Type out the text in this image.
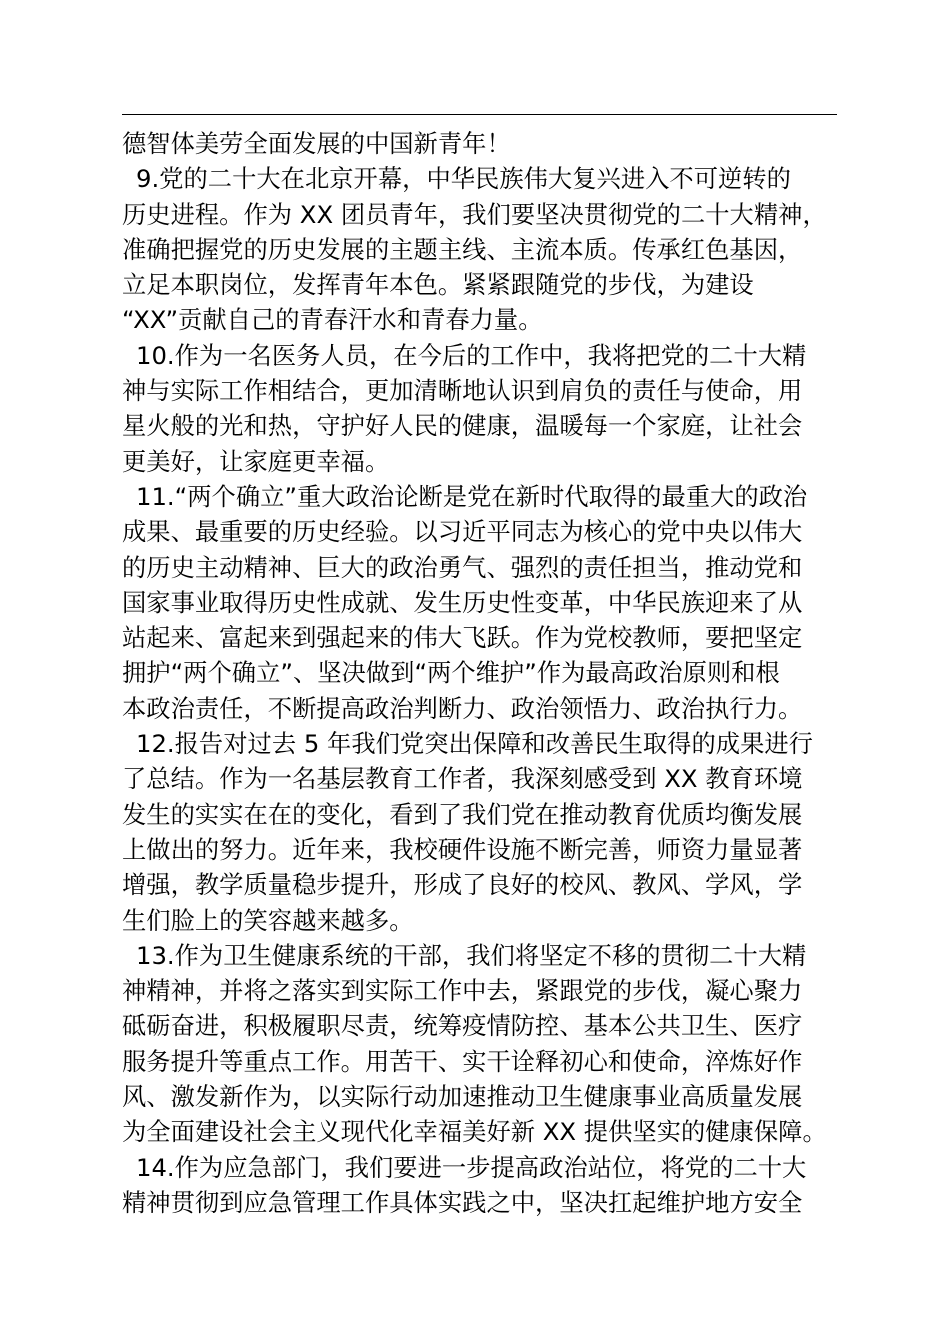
德智体美劳全面发展的中国新青年！
9.党的二十大在北京开幕，中华民族伟大复兴进入不可逆转的
历史进程。作为 XX 团员青年，我们要坚决贯彻党的二十大精神，
准确把握党的历史发展的主题主线、主流本质。传承红色基因，
立足本职岗位，发挥青年本色。紧紧跟随党的步伐，为建设
“XX”贡献自己的青春汗水和青春力量。
10.作为一名医务人员，在今后的工作中，我将把党的二十大精
神与实际工作相结合，更加清晰地认识到肩负的责任与使命，用
星火般的光和热，守护好人民的健康，温暖每一个家庭，让社会
更美好，让家庭更幸福。
11.“两个确立”重大政治论断是党在新时代取得的最重大的政治
成果、最重要的历史经验。以习近平同志为核心的党中央以伟大
的历史主动精神、巨大的政治勇气、强烈的责任担当，推动党和
国家事业取得历史性成就、发生历史性变革，中华民族迎来了从
站起来、富起来到强起来的伟大飞跃。作为党校教师，要把坚定
拥护“两个确立”、坚决做到“两个维护”作为最高政治原则和根
本政治责任，不断提高政治判断力、政治领悟力、政治执行力。
12.报告对过去 5 年我们党突出保障和改善民生取得的成果进行
了总结。作为一名基层教育工作者，我深刻感受到 XX 教育环境
发生的实实在在的变化，看到了我们党在推动教育优质均衡发展
上做出的努力。近年来，我校硬件设施不断完善，师资力量显著
增强，教学质量稳步提升，形成了良好的校风、教风、学风，学
生们脸上的笑容越来越多。
13.作为卫生健康系统的干部，我们将坚定不移的贯彻二十大精
神精神，并将之落实到实际工作中去，紧跟党的步伐，凝心聚力
砥砺奋进，积极履职尽责，统筹疫情防控、基本公共卫生、医疗
服务提升等重点工作。用苦干、实干诠释初心和使命，淬炼好作
风、激发新作为，以实际行动加速推动卫生健康事业高质量发展
为全面建设社会主义现代化幸福美好新 XX 提供坚实的健康保障。
14.作为应急部门，我们要进一步提高政治站位，将党的二十大
精神贯彻到应急管理工作具体实践之中，坚决扛起维护地方安全
